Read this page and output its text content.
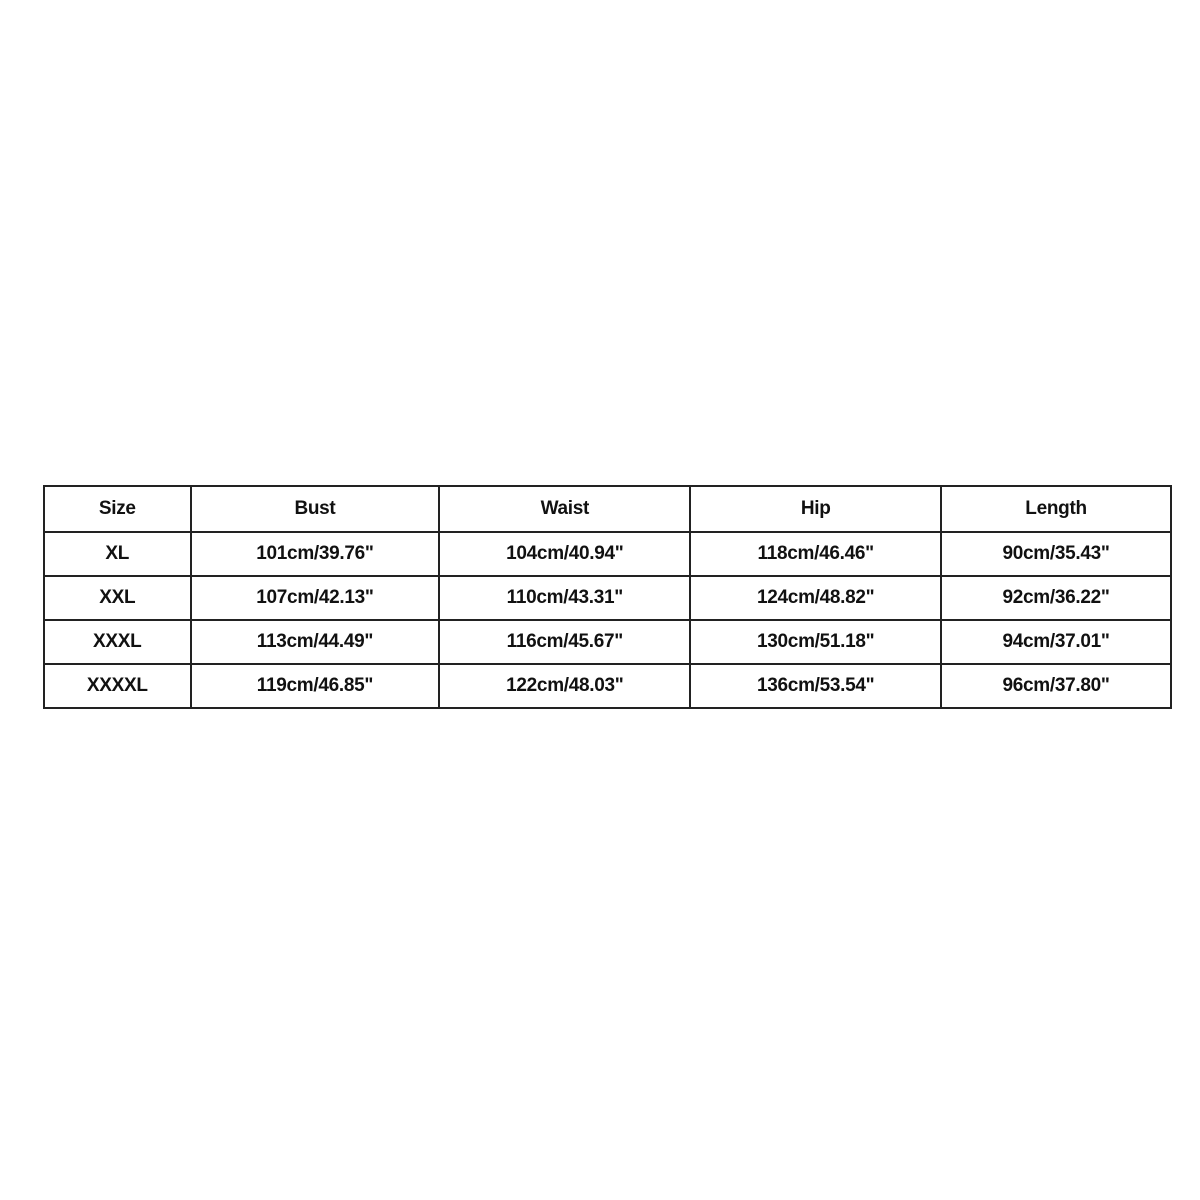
Size	Bust	Waist	Hip	Length
XL	101cm/39.76"	104cm/40.94"	118cm/46.46"	90cm/35.43"
XXL	107cm/42.13"	110cm/43.31"	124cm/48.82"	92cm/36.22"
XXXL	113cm/44.49"	116cm/45.67"	130cm/51.18"	94cm/37.01"
XXXXL	119cm/46.85"	122cm/48.03"	136cm/53.54"	96cm/37.80"
